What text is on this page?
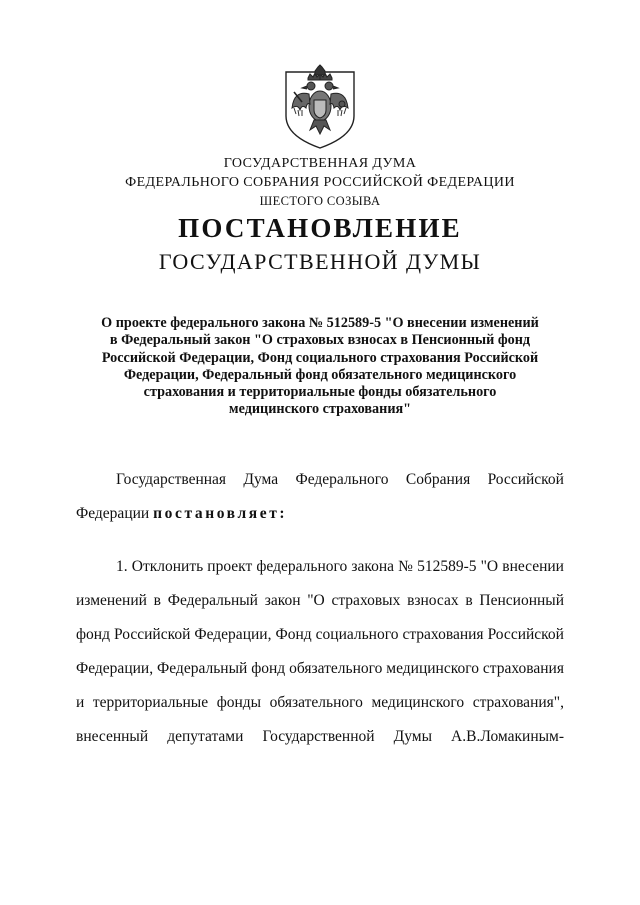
ГОСУДАРСТВЕННАЯ ДУМА
ФЕДЕРАЛЬНОГО СОБРАНИЯ РОССИЙСКОЙ ФЕДЕРАЦИИ
ШЕСТОГО СОЗЫВА
ПОСТАНОВЛЕНИЕ
ГОСУДАРСТВЕННОЙ ДУМЫ
О проекте федерального закона № 512589-5 "О внесении изменений
в Федеральный закон "О страховых взносах в Пенсионный фонд
Российской Федерации, Фонд социального страхования Российской
Федерации, Федеральный фонд обязательного медицинского
страхования и территориальные фонды обязательного
медицинского страхования"
Государственная Дума Федерального Собрания Российской
Федерации
постановляет:
1. Отклонить проект федерального закона № 512589-5 "О внесении
изменений в Федеральный закон "О страховых взносах в Пенсионный
фонд Российской Федерации, Фонд социального страхования Российской
Федерации, Федеральный фонд обязательного медицинского страхования
и территориальные фонды обязательного медицинского страхования",
внесенный депутатами Государственной Думы А.В.Ломакиным-
